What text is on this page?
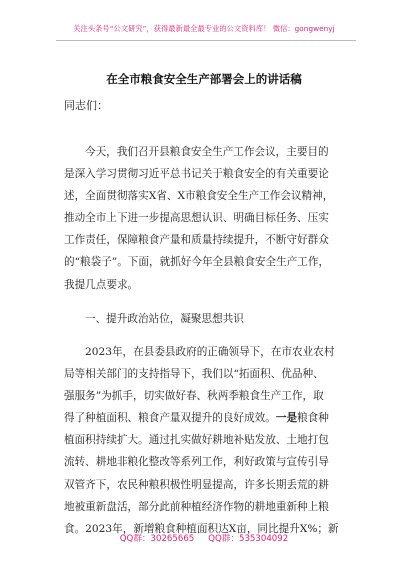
关注头条号“公文研究”，获得最新最全最专业的公文资料库！ 微信：gongwenyj
在全市粮食安全生产部署会上的讲话稿
同志们：
今天，我们召开县粮食安全生产工作会议，主要目的
是深入学习贯彻习近平总书记关于粮食安全的有关重要论
述，全面贯彻落实X省、X市粮食安全生产工作会议精神，
推动全市上下进一步提高思想认识、明确目标任务、压实
工作责任，保障粮食产量和质量持续提升，不断守好群众
的“粮袋子”。下面，就抓好今年全县粮食安全生产工作，
我提几点要求。
一、提升政治站位，凝聚思想共识
2023年，在县委县政府的正确领导下，在市农业农村
局等相关部门的支持指导下，我们以“拓面积、优品种、
强服务”为抓手，切实做好春、秋两季粮食生产工作，取
得了种植面积、粮食产量双提升的良好成效。一是粮食种
植面积持续扩大。通过扎实做好耕地补贴发放、土地打包
流转、耕地非粮化整改等系列工作，利好政策与宣传引导
双管齐下，农民种粮积极性明显提高，许多长期丢荒的耕
地被重新盘活，部分此前种植经济作物的耕地重新种上粮
食。2023年，新增粮食种植面积达X亩，同比提升X%；新
QQ群：30265665 QQ群：535304092
